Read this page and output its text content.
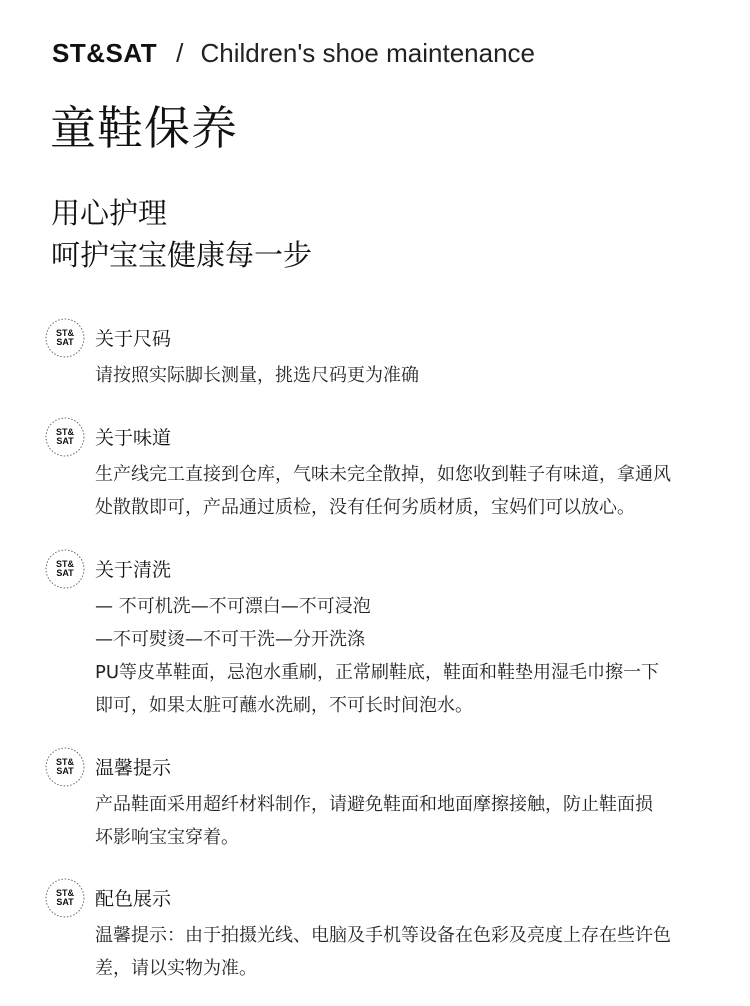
ST&SAT / Children's shoe maintenance
童鞋保养
用心护理
呵护宝宝健康每一步
ST&
SAT 关于尺码
请按照实际脚长测量，挑选尺码更为准确
ST&
SAT 关于味道
生产线完工直接到仓库，气味未完全散掉，如您收到鞋子有味道，拿通风
处散散即可，产品通过质检，没有任何劣质材质，宝妈们可以放心。
ST&
SAT 关于清洗
— 不可机洗—不可漂白—不可浸泡
—不可熨烫—不可干洗—分开洗涤
PU等皮革鞋面，忌泡水重刷，正常刷鞋底，鞋面和鞋垫用湿毛巾擦一下
即可，如果太脏可蘸水洗刷，不可长时间泡水。
ST&
SAT 温馨提示
产品鞋面采用超纤材料制作，请避免鞋面和地面摩擦接触，防止鞋面损
坏影响宝宝穿着。
ST&
SAT 配色展示
温馨提示：由于拍摄光线、电脑及手机等设备在色彩及亮度上存在些许色
差，请以实物为准。
